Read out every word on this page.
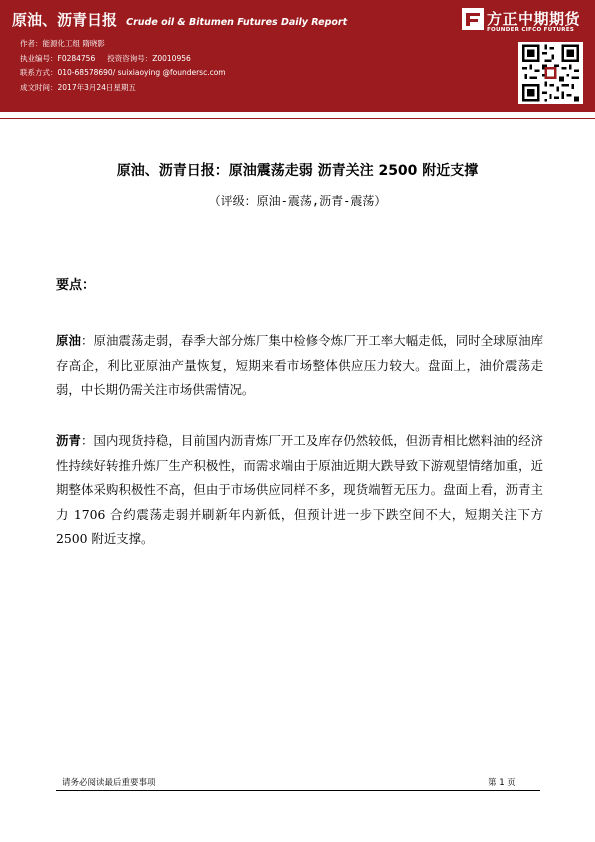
原油、沥青日报 Crude oil & Bitumen Futures Daily Report
作者：能源化工组 隋晓影
执业编号：F0284756 投资咨询号：Z0010956
联系方式：010-68578690/ suixiaoying @foundersc.com
成文时间：2017年3月24日星期五
方正中期期货
FOUNDER CIFCO FUTURES
原油、沥青日报：原油震荡走弱 沥青关注 2500 附近支撑
（评级：原油-震荡,沥青-震荡）
要点：
原油：原油震荡走弱，春季大部分炼厂集中检修令炼厂开工率大幅走低，同时全球原油库存高企，利比亚原油产量恢复，短期来看市场整体供应压力较大。盘面上，油价震荡走弱，中长期仍需关注市场供需情况。
沥青：国内现货持稳，目前国内沥青炼厂开工及库存仍然较低，但沥青相比燃料油的经济性持续好转推升炼厂生产积极性，而需求端由于原油近期大跌导致下游观望情绪加重，近期整体采购积极性不高，但由于市场供应同样不多，现货端暂无压力。盘面上看，沥青主力 1706 合约震荡走弱并刷新年内新低，但预计进一步下跌空间不大，短期关注下方 2500 附近支撑。
请务必阅读最后重要事项	第 1 页
